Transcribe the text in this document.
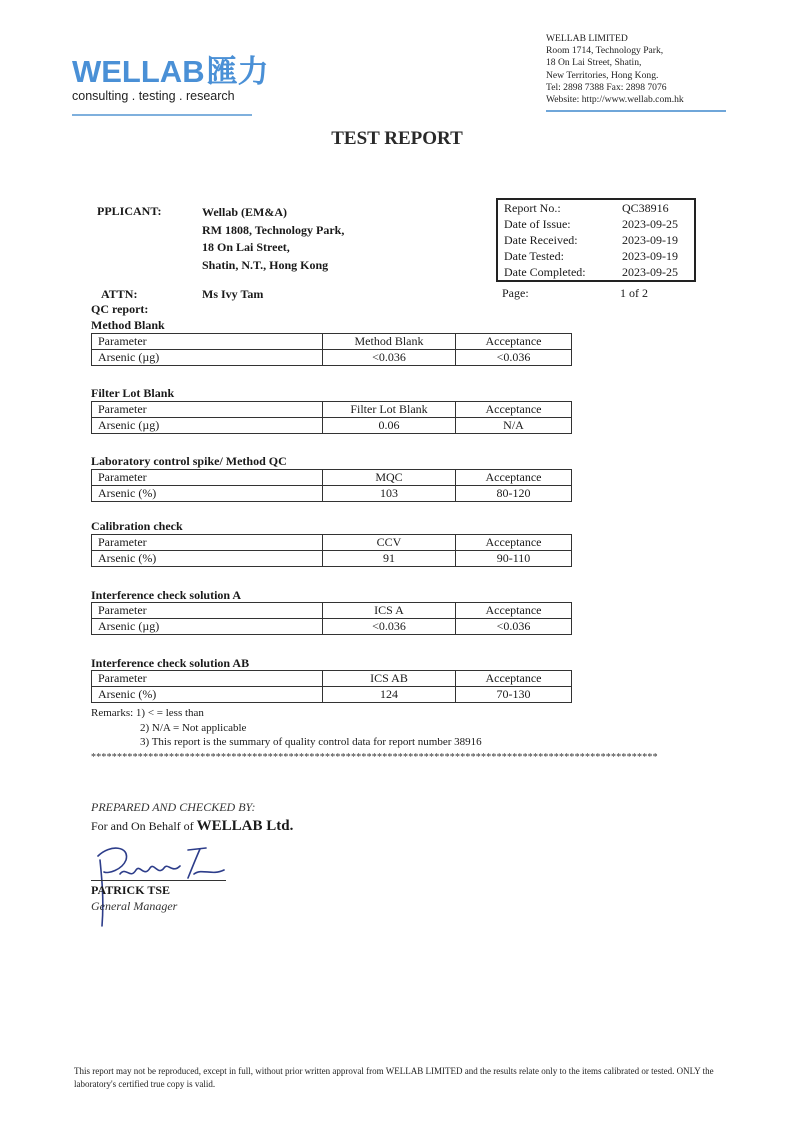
WELLAB匯力
consulting . testing . research
WELLAB LIMITED
Room 1714, Technology Park,
18 On Lai Street, Shatin,
New Territories, Hong Kong.
Tel: 2898 7388 Fax: 2898 7076
Website: http://www.wellab.com.hk
TEST REPORT
PPLICANT:	Wellab (EM&A)
RM 1808, Technology Park,
18 On Lai Street,
Shatin, N.T., Hong Kong
ATTN:	Ms Ivy Tam
Report No.:	QC38916
Date of Issue:	2023-09-25
Date Received:	2023-09-19
Date Tested:	2023-09-19
Date Completed:	2023-09-25
Page:	1 of 2
QC report:
Method Blank
Parameter	Method Blank	Acceptance
Arsenic (µg)	<0.036	<0.036
Filter Lot Blank
Parameter	Filter Lot Blank	Acceptance
Arsenic (µg)	0.06	N/A
Laboratory control spike/ Method QC
Parameter	MQC	Acceptance
Arsenic (%)	103	80-120
Calibration check
Parameter	CCV	Acceptance
Arsenic (%)	91	90-110
Interference check solution A
Parameter	ICS A	Acceptance
Arsenic (µg)	<0.036	<0.036
Interference check solution AB
Parameter	ICS AB	Acceptance
Arsenic (%)	124	70-130
Remarks: 1) < = less than
2) N/A = Not applicable
3) This report is the summary of quality control data for report number 38916
*************************************************************************************************************
PREPARED AND CHECKED BY:
For and On Behalf of WELLAB Ltd.
PATRICK TSE
General Manager
This report may not be reproduced, except in full, without prior written approval from WELLAB LIMITED and the results relate only to the items calibrated or tested. ONLY the laboratory's certified true copy is valid.
